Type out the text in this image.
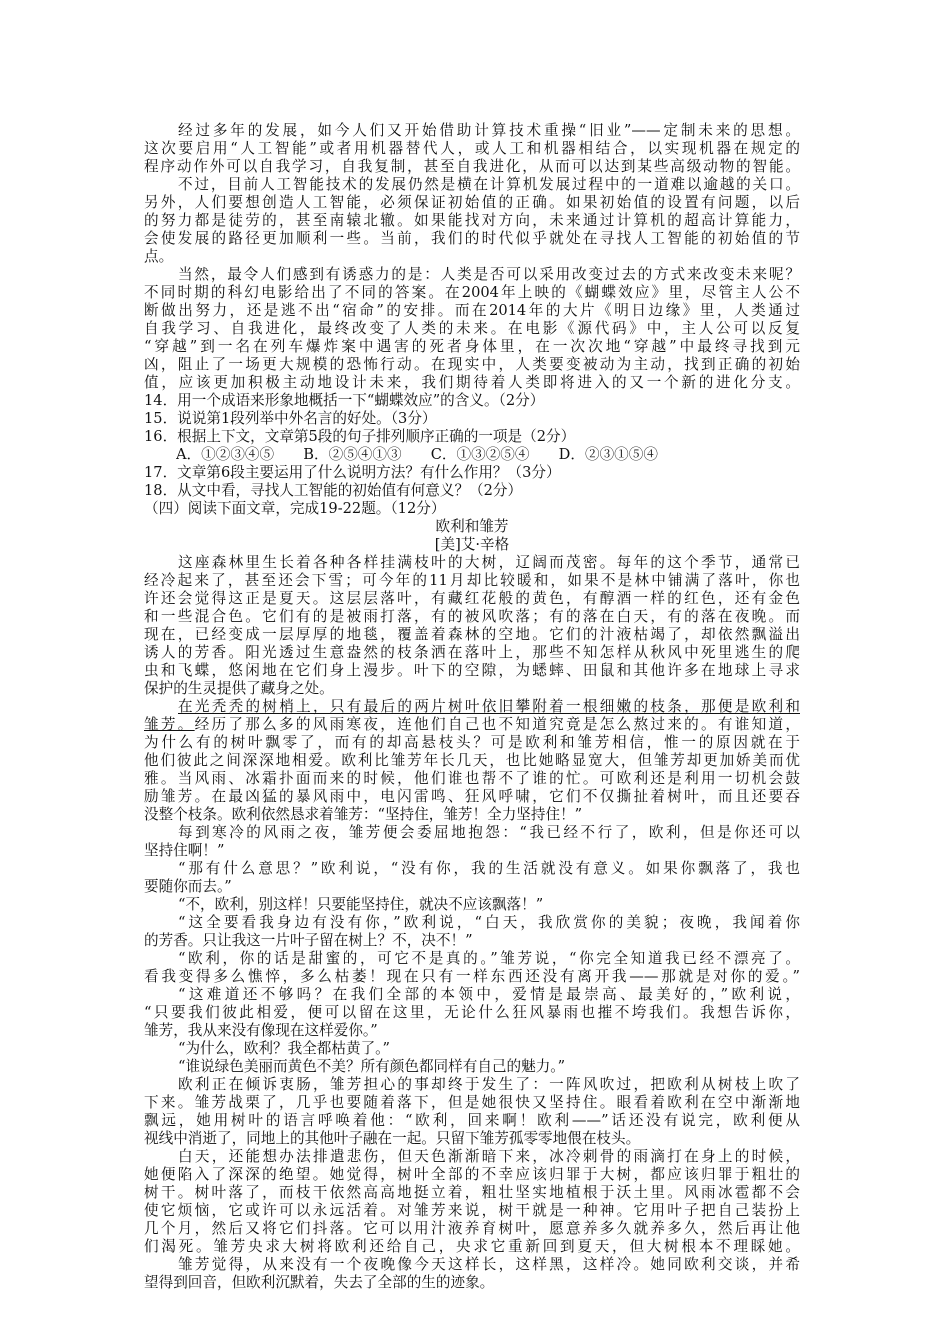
经过多年的发展，如今人们又开始借助计算技术重操“旧业”——定制未来的思想。
这次要启用“人工智能”或者用机器替代人，或人工和机器相结合，以实现机器在规定的
程序动作外可以自我学习，自我复制，甚至自我进化，从而可以达到某些高级动物的智能。
不过，目前人工智能技术的发展仍然是横在计算机发展过程中的一道难以逾越的关口。
另外，人们要想创造人工智能，必须保证初始值的正确。如果初始值的设置有问题，以后
的努力都是徒劳的，甚至南辕北辙。如果能找对方向，未来通过计算机的超高计算能力，
会使发展的路径更加顺利一些。当前，我们的时代似乎就处在寻找人工智能的初始值的节
点。
当然，最令人们感到有诱惑力的是：人类是否可以采用改变过去的方式来改变未来呢？
不同时期的科幻电影给出了不同的答案。在2004年上映的《蝴蝶效应》里，尽管主人公不
断做出努力，还是逃不出“宿命”的安排。而在2014年的大片《明日边缘》里，人类通过
自我学习、自我进化，最终改变了人类的未来。在电影《源代码》中，主人公可以反复
“穿越”到一名在列车爆炸案中遇害的死者身体里，在一次次地“穿越”中最终寻找到元
凶，阻止了一场更大规模的恐怖行动。在现实中，人类要变被动为主动，找到正确的初始
值，应该更加积极主动地设计未来，我们期待着人类即将进入的又一个新的进化分支。
14．用一个成语来形象地概括一下“蝴蝶效应”的含义。（2分）
15．说说第1段列举中外名言的好处。（3分）
16．根据上下文，文章第5段的句子排列顺序正确的一项是（2分）
A．①②③④⑤　　B．②⑤④①③　　C．①③②⑤④　　D．②③①⑤④
17．文章第6段主要运用了什么说明方法？有什么作用？（3分）
18．从文中看，寻找人工智能的初始值有何意义？（2分）
（四）阅读下面文章，完成19-22题。（12分）
欧利和雏芳
[美]艾·辛格
这座森林里生长着各种各样挂满枝叶的大树，辽阔而茂密。每年的这个季节，通常已
经冷起来了，甚至还会下雪；可今年的11月却比较暖和，如果不是林中铺满了落叶，你也
许还会觉得这正是夏天。这层层落叶，有藏红花般的黄色，有醇酒一样的红色，还有金色
和一些混合色。它们有的是被雨打落，有的被风吹落；有的落在白天，有的落在夜晚。而
现在，已经变成一层厚厚的地毯，覆盖着森林的空地。它们的汁液枯竭了，却依然飘溢出
诱人的芳香。阳光透过生意盎然的枝条洒在落叶上，那些不知怎样从秋风中死里逃生的爬
虫和飞蝶，悠闲地在它们身上漫步。叶下的空隙，为蟋蟀、田鼠和其他许多在地球上寻求
保护的生灵提供了藏身之处。
在光秃秃的树梢上，只有最后的两片树叶依旧攀附着一根细嫩的枝条，那便是欧利和
雏芳。经历了那么多的风雨寒夜，连他们自己也不知道究竟是怎么熬过来的。有谁知道，
为什么有的树叶飘零了，而有的却高悬枝头？可是欧利和雏芳相信，惟一的原因就在于
他们彼此之间深深地相爱。欧利比雏芳年长几天，也比她略显宽大，但雏芳却更加娇美而优
雅。当风雨、冰霜扑面而来的时候，他们谁也帮不了谁的忙。可欧利还是利用一切机会鼓
励雏芳。在最凶猛的暴风雨中，电闪雷鸣、狂风呼啸，它们不仅撕扯着树叶，而且还要吞
没整个枝条。欧利依然恳求着雏芳：“坚持住，雏芳！全力坚持住！”
每到寒冷的风雨之夜，雏芳便会委屈地抱怨：“我已经不行了，欧利，但是你还可以
坚持住啊！”
“那有什么意思？”欧利说，“没有你，我的生活就没有意义。如果你飘落了，我也
要随你而去。”
“不，欧利，别这样！只要能坚持住，就决不应该飘落！”
“这全要看我身边有没有你，”欧利说，“白天，我欣赏你的美貌；夜晚，我闻着你
的芳香。只让我这一片叶子留在树上？不，决不！”
“欧利，你的话是甜蜜的，可它不是真的。”雏芳说，“你完全知道我已经不漂亮了。
看我变得多么憔悴，多么枯萎！现在只有一样东西还没有离开我——那就是对你的爱。”
“这难道还不够吗？在我们全部的本领中，爱情是最崇高、最美好的，”欧利说，
“只要我们彼此相爱，便可以留在这里，无论什么狂风暴雨也摧不垮我们。我想告诉你，
雏芳，我从来没有像现在这样爱你。”
“为什么，欧利？我全都枯黄了。”
“谁说绿色美丽而黄色不美？所有颜色都同样有自己的魅力。”
欧利正在倾诉衷肠，雏芳担心的事却终于发生了：一阵风吹过，把欧利从树枝上吹了
下来。雏芳战栗了，几乎也要随着落下，但是她很快又坚持住。眼看着欧利在空中渐渐地
飘远，她用树叶的语言呼唤着他：“欧利，回来啊！欧利——”话还没有说完，欧利便从
视线中消逝了，同地上的其他叶子融在一起。只留下雏芳孤零零地偎在枝头。
白天，还能想办法排遣悲伤，但天色渐渐暗下来，冰冷刺骨的雨滴打在身上的时候，
她便陷入了深深的绝望。她觉得，树叶全部的不幸应该归罪于大树，都应该归罪于粗壮的
树干。树叶落了，而枝干依然高高地挺立着，粗壮坚实地植根于沃土里。风雨冰雹都不会
使它烦恼，它或许可以永远活着。对雏芳来说，树干就是一种神。它用叶子把自己装扮上
几个月，然后又将它们抖落。它可以用汁液养育树叶，愿意养多久就养多久，然后再让他
们渴死。雏芳央求大树将欧利还给自己，央求它重新回到夏天，但大树根本不理睬她。
雏芳觉得，从来没有一个夜晚像今天这样长，这样黑，这样冷。她同欧利交谈，并希
望得到回音，但欧利沉默着，失去了全部的生的迹象。
